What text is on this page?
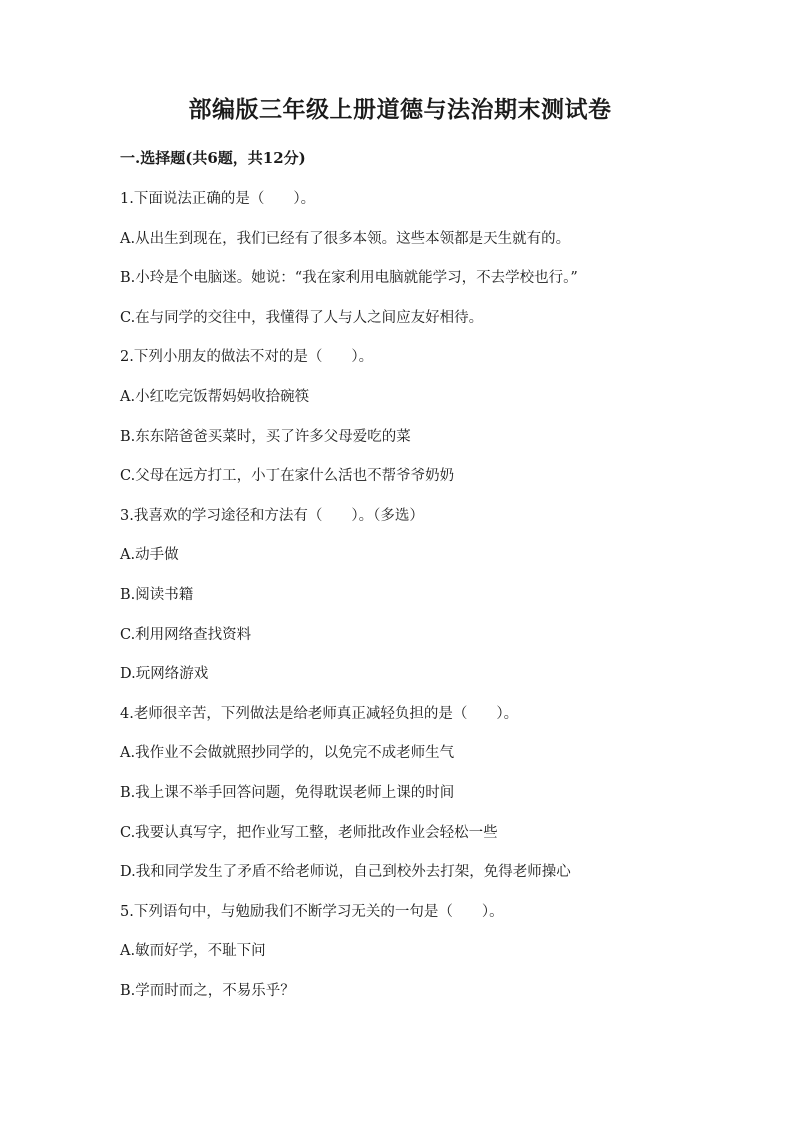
部编版三年级上册道德与法治期末测试卷
一.选择题(共6题，共12分)
1.下面说法正确的是（　　）。
A.从出生到现在，我们已经有了很多本领。这些本领都是天生就有的。
B.小玲是个电脑迷。她说：“我在家利用电脑就能学习，不去学校也行。”
C.在与同学的交往中，我懂得了人与人之间应友好相待。
2.下列小朋友的做法不对的是（　　）。
A.小红吃完饭帮妈妈收拾碗筷
B.东东陪爸爸买菜时，买了许多父母爱吃的菜
C.父母在远方打工，小丁在家什么活也不帮爷爷奶奶
3.我喜欢的学习途径和方法有（　　）。（多选）
A.动手做
B.阅读书籍
C.利用网络查找资料
D.玩网络游戏
4.老师很辛苦，下列做法是给老师真正减轻负担的是（　　）。
A.我作业不会做就照抄同学的，以免完不成老师生气
B.我上课不举手回答问题，免得耽误老师上课的时间
C.我要认真写字，把作业写工整，老师批改作业会轻松一些
D.我和同学发生了矛盾不给老师说，自己到校外去打架，免得老师操心
5.下列语句中，与勉励我们不断学习无关的一句是（　　）。
A.敏而好学，不耻下问
B.学而时而之，不易乐乎？
